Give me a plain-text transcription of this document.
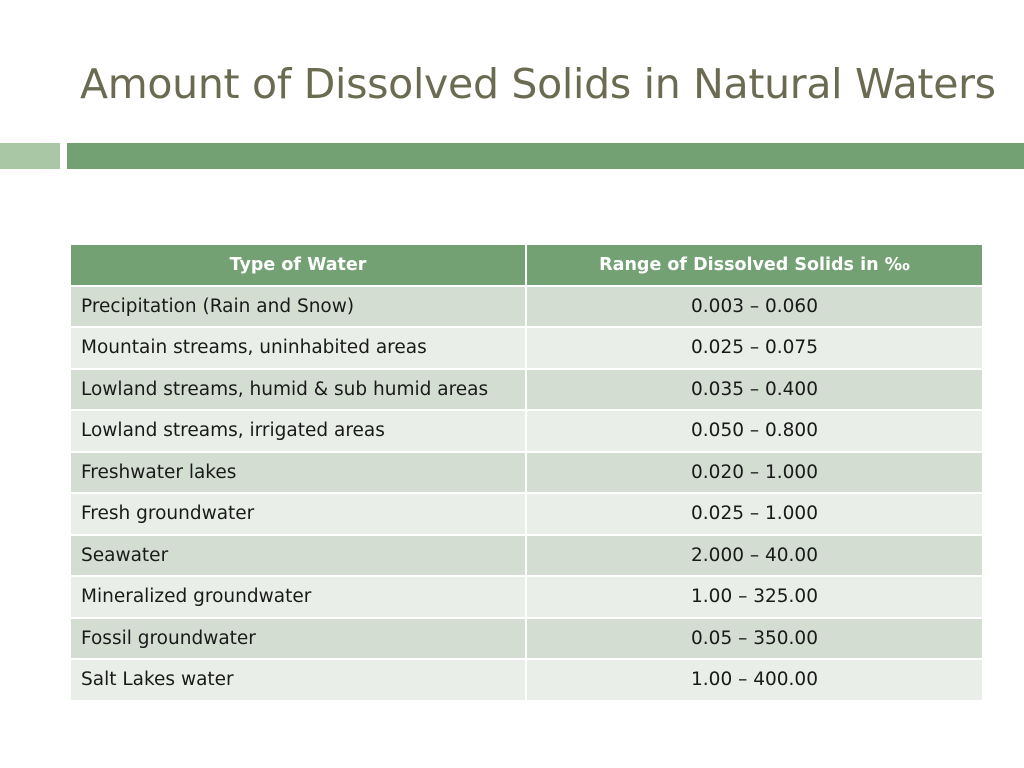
Amount of Dissolved Solids in Natural Waters
Type of Water	Range of Dissolved Solids in ‰
Precipitation (Rain and Snow)	0.003 – 0.060
Mountain streams, uninhabited areas	0.025 – 0.075
Lowland streams, humid & sub humid areas	0.035 – 0.400
Lowland streams, irrigated areas	0.050 – 0.800
Freshwater lakes	0.020 – 1.000
Fresh groundwater	0.025 – 1.000
Seawater	2.000 – 40.00
Mineralized groundwater	1.00 – 325.00
Fossil groundwater	0.05 – 350.00
Salt Lakes water	1.00 – 400.00
